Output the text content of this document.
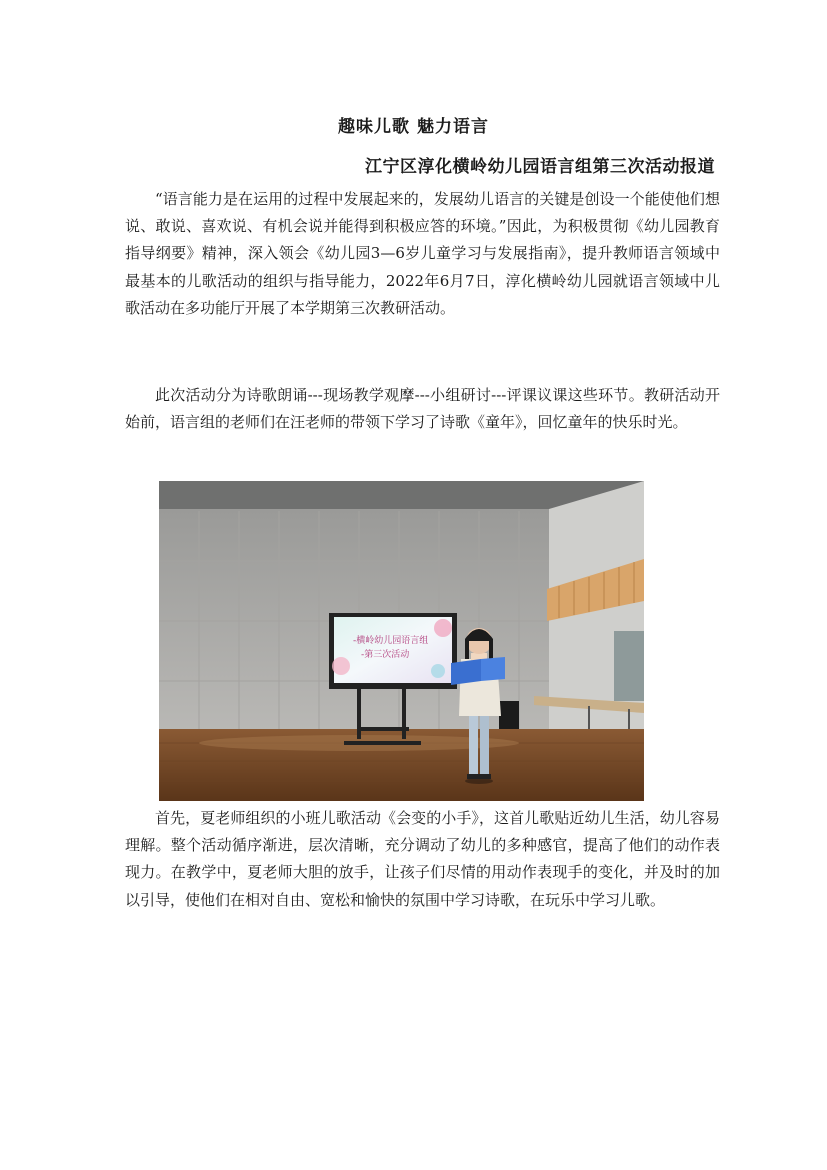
趣味儿歌 魅力语言
江宁区淳化横岭幼儿园语言组第三次活动报道

“语言能力是在运用的过程中发展起来的，发展幼儿语言的关键是创设一个能使他们想说、敢说、喜欢说、有机会说并能得到积极应答的环境。”因此，为积极贯彻《幼儿园教育指导纲要》精神，深入领会《幼儿园3—6岁儿童学习与发展指南》，提升教师语言领域中最基本的儿歌活动的组织与指导能力，2022年6月7日，淳化横岭幼儿园就语言领域中儿歌活动在多功能厅开展了本学期第三次教研活动。

此次活动分为诗歌朗诵---现场教学观摩---小组研讨---评课议课这些环节。教研活动开始前，语言组的老师们在汪老师的带领下学习了诗歌《童年》，回忆童年的快乐时光。

-横岭幼儿园语言组
-第三次活动

首先，夏老师组织的小班儿歌活动《会变的小手》，这首儿歌贴近幼儿生活，幼儿容易理解。整个活动循序渐进，层次清晰，充分调动了幼儿的多种感官，提高了他们的动作表现力。在教学中，夏老师大胆的放手，让孩子们尽情的用动作表现手的变化，并及时的加以引导，使他们在相对自由、宽松和愉快的氛围中学习诗歌，在玩乐中学习儿歌。
